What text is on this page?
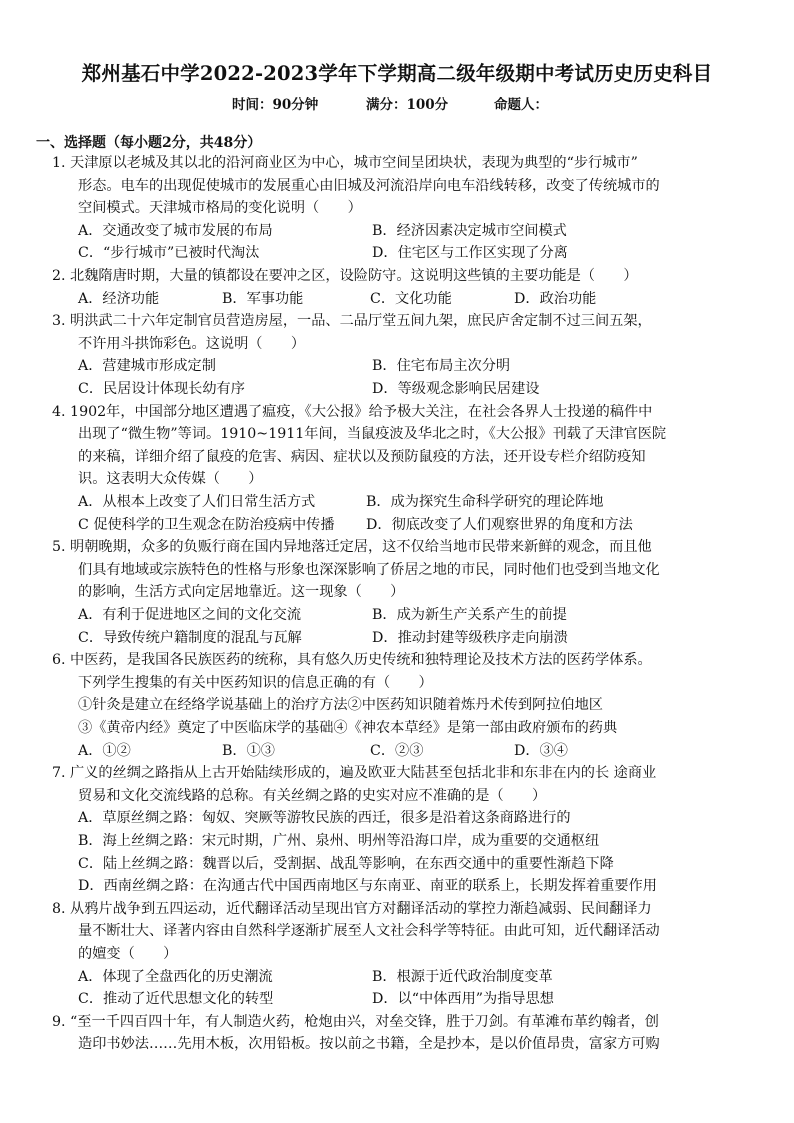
郑州基石中学2022-2023学年下学期高二级年级期中考试历史历史科目
时间：90分钟	满分：100分	命题人：
一、选择题（每小题2分，共48分）
1. 天津原以老城及其以北的沿河商业区为中心，城市空间呈团块状，表现为典型的“步行城市”
形态。电车的出现促使城市的发展重心由旧城及河流沿岸向电车沿线转移，改变了传统城市的
空间模式。天津城市格局的变化说明（　　）
A．交通改变了城市发展的布局	B．经济因素决定城市空间模式
C．“步行城市”已被时代淘汰	D．住宅区与工作区实现了分离
2. 北魏隋唐时期，大量的镇都设在要冲之区，设险防守。这说明这些镇的主要功能是（　　）
A．经济功能	B．军事功能	C．文化功能	D．政治功能
3. 明洪武二十六年定制官员营造房屋，一品、二品厅堂五间九架，庶民庐舍定制不过三间五架，
不许用斗拱饰彩色。这说明（　　）
A．营建城市形成定制	B．住宅布局主次分明
C．民居设计体现长幼有序	D．等级观念影响民居建设
4. 1902年，中国部分地区遭遇了瘟疫，《大公报》给予极大关注，在社会各界人士投递的稿件中
出现了“微生物”等词。1910~1911年间，当鼠疫波及华北之时，《大公报》刊载了天津官医院
的来稿，详细介绍了鼠疫的危害、病因、症状以及预防鼠疫的方法，还开设专栏介绍防疫知
识。这表明大众传媒（　　）
A．从根本上改变了人们日常生活方式	B．成为探究生命科学研究的理论阵地
C 促使科学的卫生观念在防治疫病中传播 D．彻底改变了人们观察世界的角度和方法
5. 明朝晚期，众多的负贩行商在国内异地落迁定居，这不仅给当地市民带来新鲜的观念，而且他
们具有地域或宗族特色的性格与形象也深深影响了侨居之地的市民，同时他们也受到当地文化
的影响，生活方式向定居地靠近。这一现象（　　）
A．有利于促进地区之间的文化交流	B．成为新生产关系产生的前提
C．导致传统户籍制度的混乱与瓦解	D．推动封建等级秩序走向崩溃
6. 中医药，是我国各民族医药的统称，具有悠久历史传统和独特理论及技术方法的医药学体系。
下列学生搜集的有关中医药知识的信息正确的有（　　）
①针灸是建立在经络学说基础上的治疗方法②中医药知识随着炼丹术传到阿拉伯地区
③《黄帝内经》奠定了中医临床学的基础④《神农本草经》是第一部由政府颁布的药典
A．①②	B．①③	C．②③	D．③④
7. 广义的丝绸之路指从上古开始陆续形成的，遍及欧亚大陆甚至包括北非和东非在内的长 途商业
贸易和文化交流线路的总称。有关丝绸之路的史实对应不准确的是（　　）
A．草原丝绸之路：匈奴、突厥等游牧民族的西迁，很多是沿着这条商路进行的
B．海上丝绸之路：宋元时期，广州、泉州、明州等沿海口岸，成为重要的交通枢纽
C．陆上丝绸之路：魏晋以后，受割据、战乱等影响，在东西交通中的重要性渐趋下降
D．西南丝绸之路：在沟通古代中国西南地区与东南亚、南亚的联系上，长期发挥着重要作用
8. 从鸦片战争到五四运动，近代翻译活动呈现出官方对翻译活动的掌控力渐趋减弱、民间翻译力
量不断壮大、译著内容由自然科学逐渐扩展至人文社会科学等特征。由此可知，近代翻译活动
的嬗变（　　）
A．体现了全盘西化的历史潮流	B．根源于近代政治制度变革
C．推动了近代思想文化的转型	D．以“中体西用”为指导思想
9. “至一千四百四十年，有人制造火药，枪炮由兴，对垒交锋，胜于刀剑。有革滩布革约翰者，创
造印书妙法……先用木板，次用铅板。按以前之书籍，全是抄本，是以价值昂贵，富家方可购
